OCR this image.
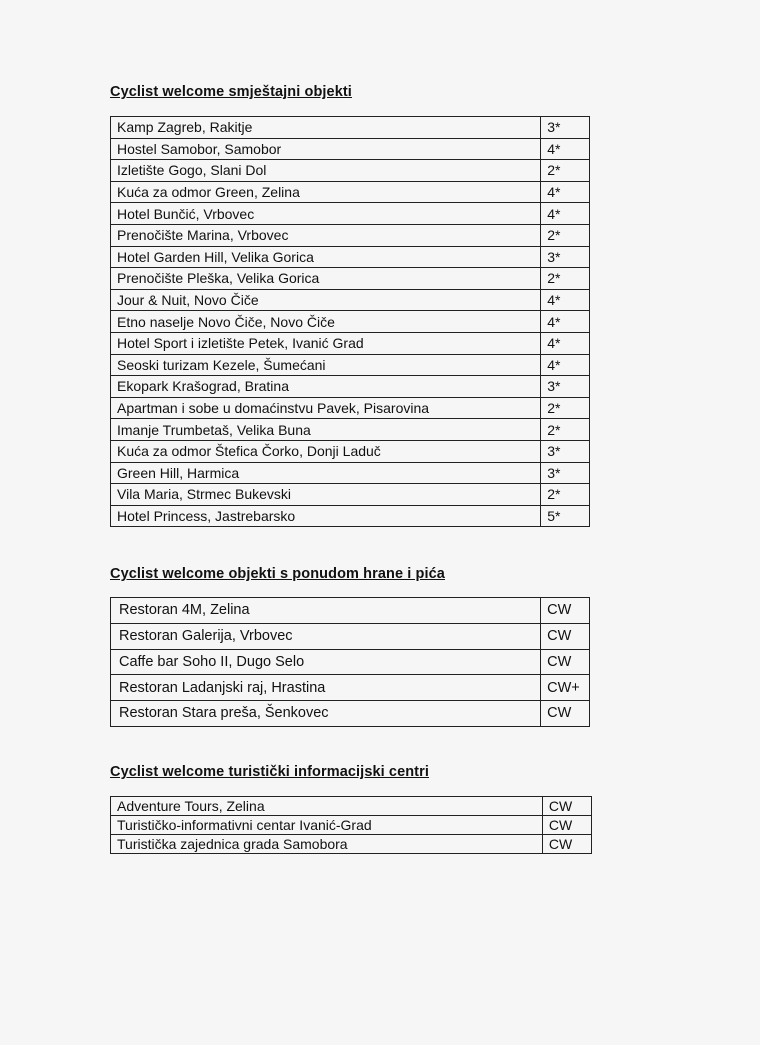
Cyclist welcome smještajni objekti
Kamp Zagreb, Rakitje	3*
Hostel Samobor, Samobor	4*
Izletište Gogo, Slani Dol	2*
Kuća za odmor Green, Zelina	4*
Hotel Bunčić, Vrbovec	4*
Prenočište Marina, Vrbovec	2*
Hotel Garden Hill, Velika Gorica	3*
Prenočište Pleška, Velika Gorica	2*
Jour & Nuit, Novo Čiče	4*
Etno naselje Novo Čiče, Novo Čiče	4*
Hotel Sport i izletište Petek, Ivanić Grad	4*
Seoski turizam Kezele, Šumećani	4*
Ekopark Krašograd, Bratina	3*
Apartman i sobe u domaćinstvu Pavek, Pisarovina	2*
Imanje Trumbetaš, Velika Buna	2*
Kuća za odmor Štefica Čorko, Donji Laduč	3*
Green Hill, Harmica	3*
Vila Maria, Strmec Bukevski	2*
Hotel Princess, Jastrebarsko	5*
Cyclist welcome objekti s ponudom hrane i pića
Restoran 4M, Zelina	CW
Restoran Galerija, Vrbovec	CW
Caffe bar Soho II, Dugo Selo	CW
Restoran Ladanjski raj, Hrastina	CW+
Restoran Stara preša, Šenkovec	CW
Cyclist welcome turistički informacijski centri
Adventure Tours, Zelina	CW
Turističko-informativni centar Ivanić-Grad	CW
Turistička zajednica grada Samobora	CW
